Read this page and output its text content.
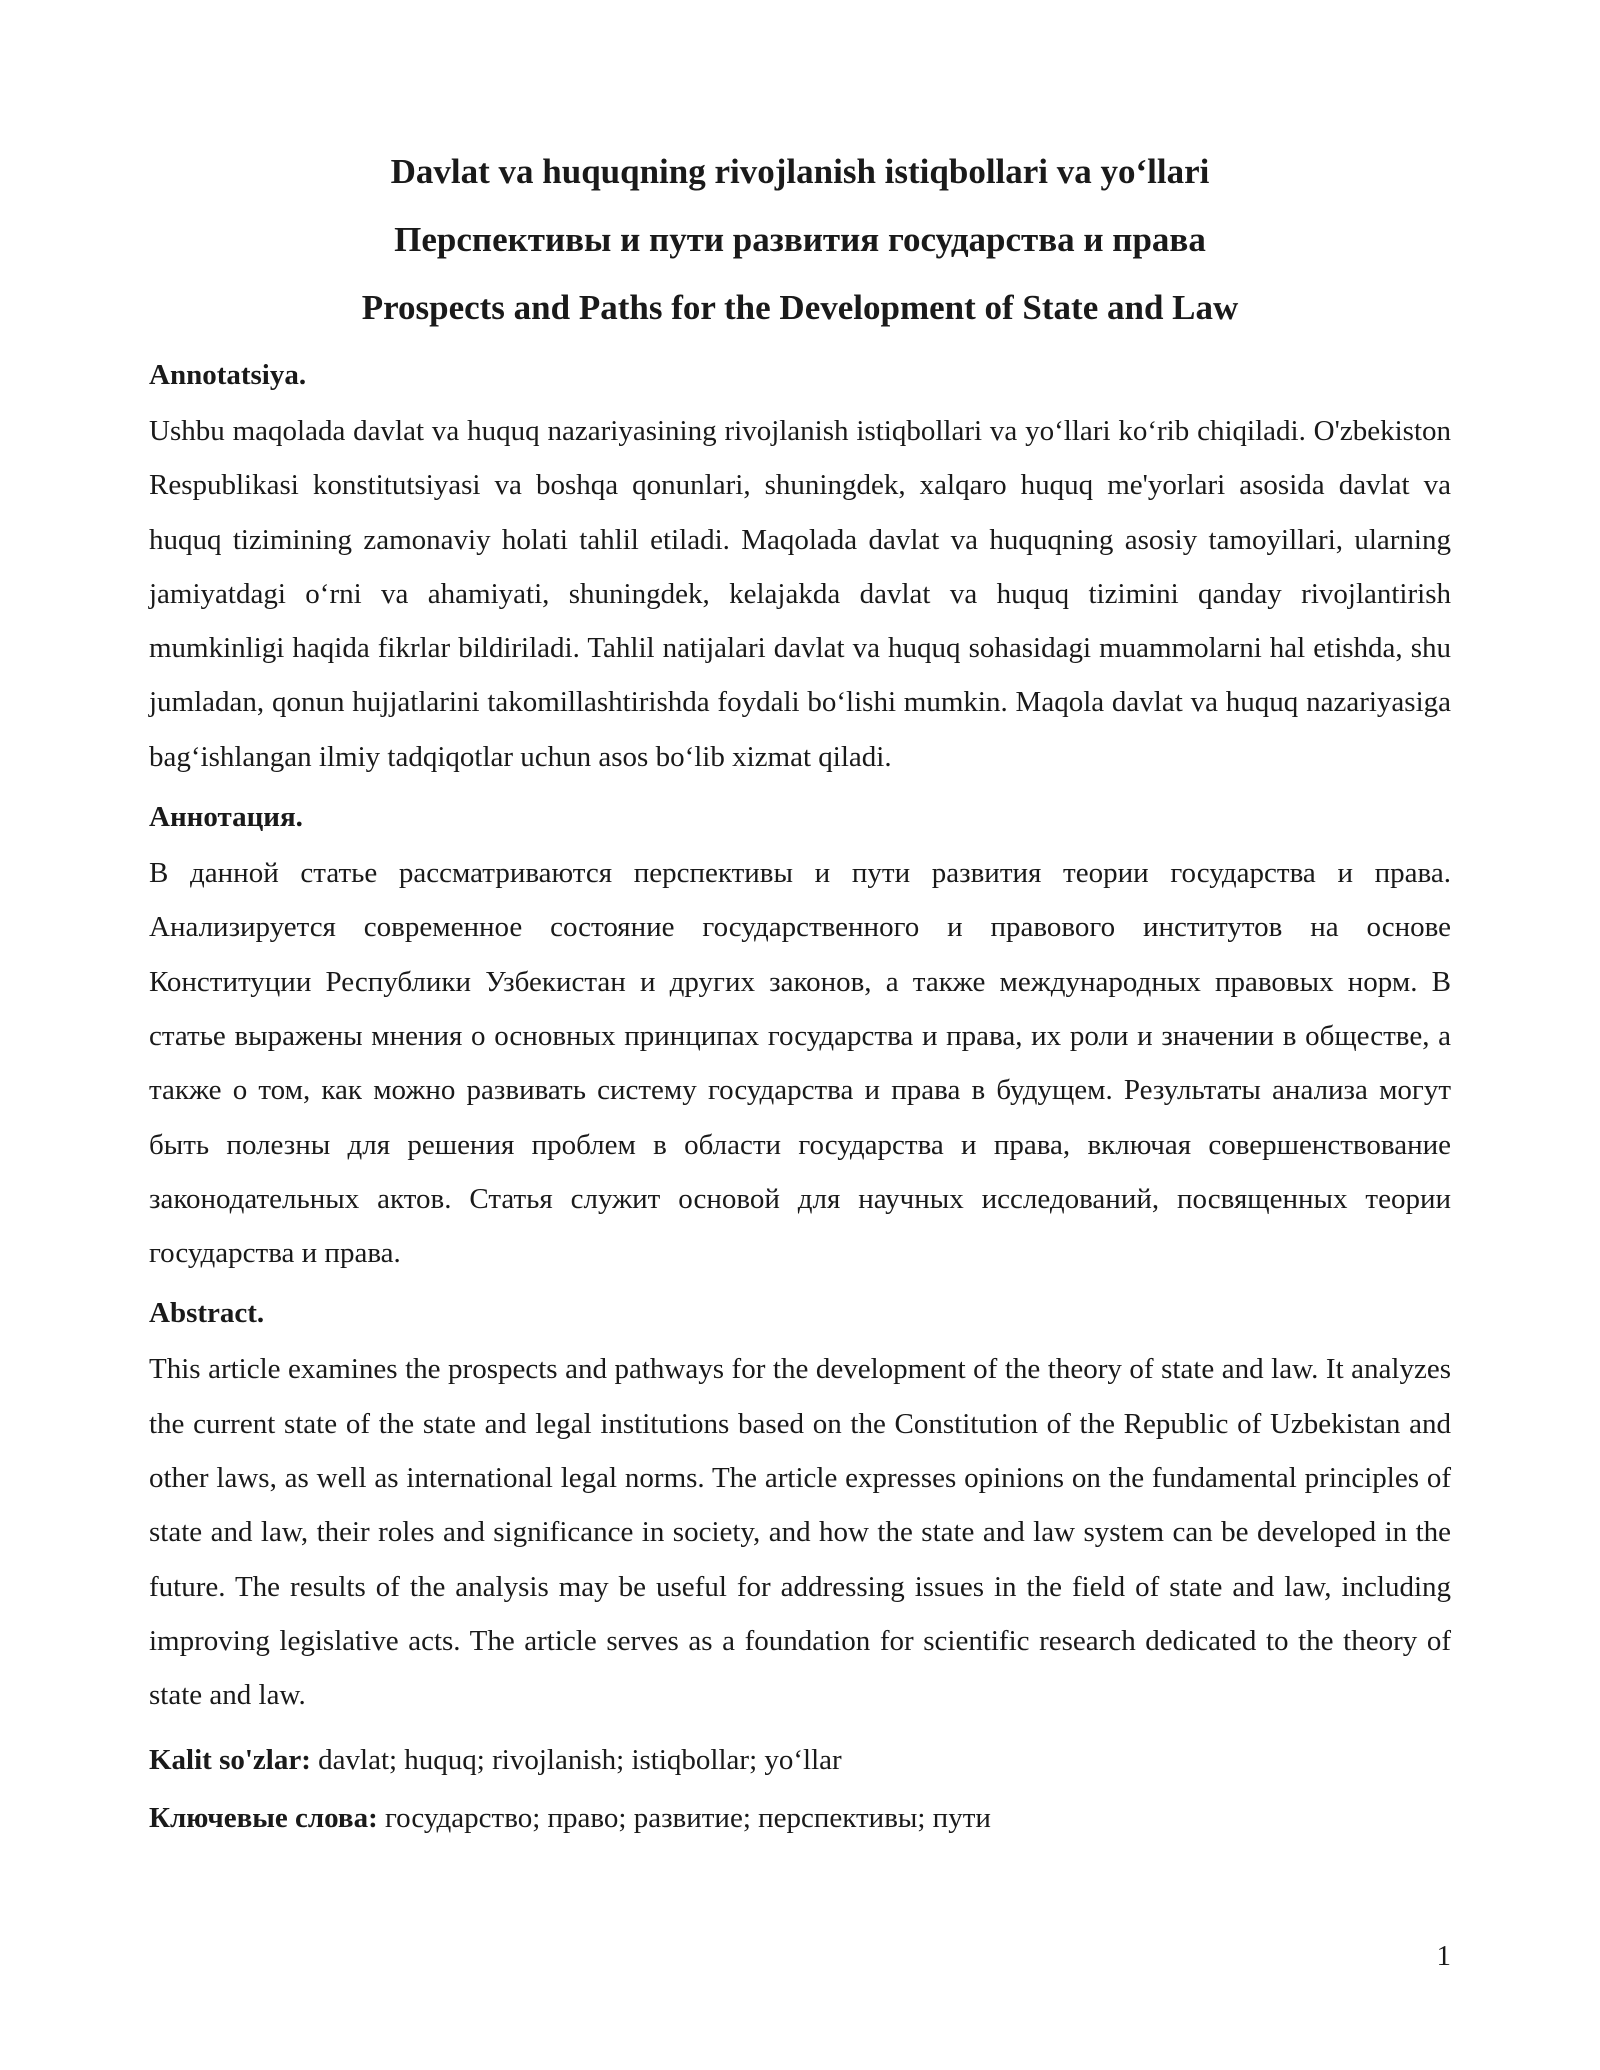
Davlat va huquqning rivojlanish istiqbollari va yo‘llari

Перспективы и пути развития государства и права

Prospects and Paths for the Development of State and Law

Annotatsiya.

Ushbu maqolada davlat va huquq nazariyasining rivojlanish istiqbollari va yo‘llari ko‘rib chiqiladi. O'zbekiston Respublikasi konstitutsiyasi va boshqa qonunlari, shuningdek, xalqaro huquq me'yorlari asosida davlat va huquq tizimining zamonaviy holati tahlil etiladi. Maqolada davlat va huquqning asosiy tamoyillari, ularning jamiyatdagi o‘rni va ahamiyati, shuningdek, kelajakda davlat va huquq tizimini qanday rivojlantirish mumkinligi haqida fikrlar bildiriladi. Tahlil natijalari davlat va huquq sohasidagi muammolarni hal etishda, shu jumladan, qonun hujjatlarini takomillashtirishda foydali bo‘lishi mumkin. Maqola davlat va huquq nazariyasiga bag‘ishlangan ilmiy tadqiqotlar uchun asos bo‘lib xizmat qiladi.

Аннотация.

В данной статье рассматриваются перспективы и пути развития теории государства и права. Анализируется современное состояние государственного и правового институтов на основе Конституции Республики Узбекистан и других законов, а также международных правовых норм. В статье выражены мнения о основных принципах государства и права, их роли и значении в обществе, а также о том, как можно развивать систему государства и права в будущем. Результаты анализа могут быть полезны для решения проблем в области государства и права, включая совершенствование законодательных актов. Статья служит основой для научных исследований, посвященных теории государства и права.

Abstract.

This article examines the prospects and pathways for the development of the theory of state and law. It analyzes the current state of the state and legal institutions based on the Constitution of the Republic of Uzbekistan and other laws, as well as international legal norms. The article expresses opinions on the fundamental principles of state and law, their roles and significance in society, and how the state and law system can be developed in the future. The results of the analysis may be useful for addressing issues in the field of state and law, including improving legislative acts. The article serves as a foundation for scientific research dedicated to the theory of state and law.

Kalit so'zlar: davlat; huquq; rivojlanish; istiqbollar; yo‘llar

Ключевые слова: государство; право; развитие; перспективы; пути

1
